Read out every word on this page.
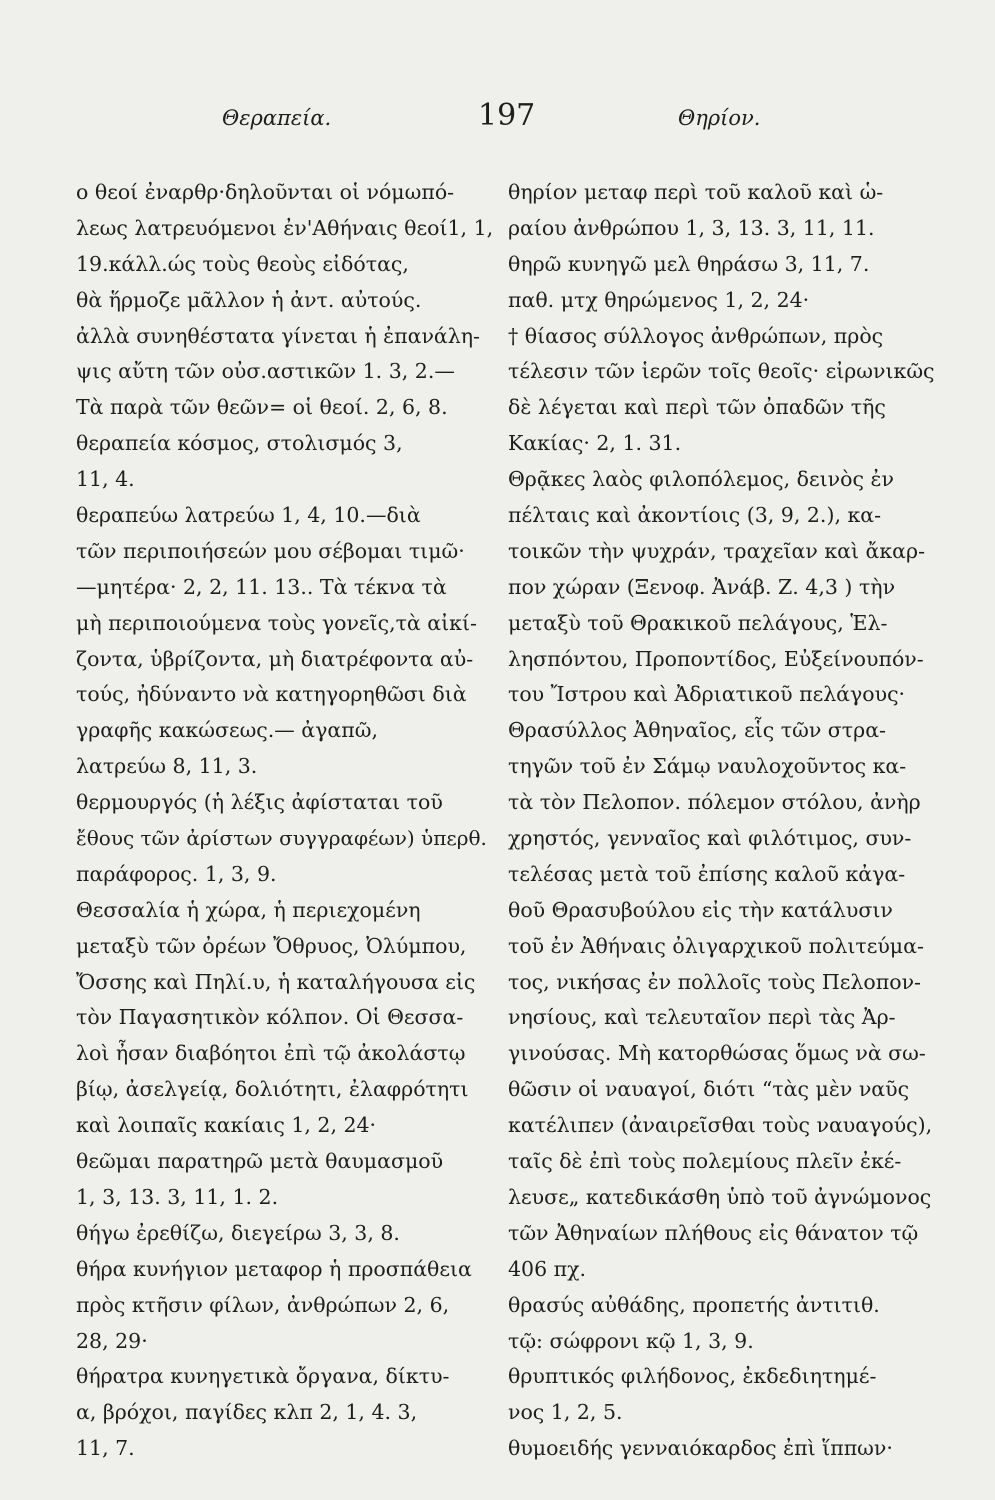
Θεραπεία.	197	Θηρίον.
ο θεοί ἐναρθρ·δηλοῦνται οἱ νόμωπό-
λεως λατρευόμενοι ἐν'Αθήναις θεοί1, 1,
19.κάλλ.ώς τοὺς θεοὺς εἰδότας,
θὰ ἥρμοζε μᾶλλον ἡ ἀντ. αὐτούς.
ἀλλὰ συνηθέστατα γίνεται ἡ ἐπανάλη-
ψις αὔτη τῶν οὐσ.αστικῶν 1. 3, 2.—
Τὰ παρὰ τῶν θεῶν= οἱ θεοί. 2, 6, 8.
θεραπεία κόσμος, στολισμός 3,
11, 4.
θεραπεύω λατρεύω 1, 4, 10.—διὰ
τῶν περιποιήσεών μου σέβομαι τιμῶ·
—μητέρα· 2, 2, 11. 13.. Τὰ τέκνα τὰ
μὴ περιποιούμενα τοὺς γονεῖς,τὰ αἰκί-
ζοντα, ὑβρίζοντα, μὴ διατρέφοντα αὐ-
τούς, ἠδύναντο νὰ κατηγορηθῶσι διὰ
γραφῆς κακώσεως.— ἀγαπῶ,
λατρεύω 8, 11, 3.
θερμουργός (ἡ λέξις ἀφίσταται τοῦ
ἔθους τῶν ἀρίστων συγγραφέων) ὑπερθ.
παράφορος. 1, 3, 9.
Θεσσαλία ἡ χώρα, ἡ περιεχομένη
μεταξὺ τῶν ὀρέων Ὄθρυος, Ὀλύμπου,
Ὄσσης καὶ Πηλί.υ, ἡ καταλήγουσα εἰς
τὸν Παγασητικὸν κόλπον. Οἱ Θεσσα-
λοὶ ἦσαν διαβόητοι ἐπὶ τῷ ἀκολάστῳ
βίῳ, ἀσελγείᾳ, δολιότητι, ἐλαφρότητι
καὶ λοιπαῖς κακίαις 1, 2, 24·
θεῶμαι παρατηρῶ μετὰ θαυμασμοῦ
1, 3, 13. 3, 11, 1. 2.
θήγω ἐρεθίζω, διεγείρω 3, 3, 8.
θήρα κυνήγιον μεταφορ ἡ προσπάθεια
πρὸς κτῆσιν φίλων, ἀνθρώπων 2, 6,
28, 29·
θήρατρα κυνηγετικὰ ὄργανα, δίκτυ-
α, βρόχοι, παγίδες κλπ 2, 1, 4. 3,
11, 7.
θηρίον μεταφ περὶ τοῦ καλοῦ καὶ ὡ-
ραίου ἀνθρώπου 1, 3, 13. 3, 11, 11.
θηρῶ κυνηγῶ μελ θηράσω 3, 11, 7.
παθ. μτχ θηρώμενος 1, 2, 24·
† θίασος σύλλογος ἀνθρώπων, πρὸς
τέλεσιν τῶν ἱερῶν τοῖς θεοῖς· εἰρωνικῶς
δὲ λέγεται καὶ περὶ τῶν ὀπαδῶν τῆς
Κακίας· 2, 1. 31.
Θρᾷκες λαὸς φιλοπόλεμος, δεινὸς ἐν
πέλταις καὶ ἀκοντίοις (3, 9, 2.), κα-
τοικῶν τὴν ψυχράν, τραχεῖαν καὶ ἄκαρ-
πον χώραν (Ξενοφ. Ἀνάβ. Ζ. 4,3 ) τὴν
μεταξὺ τοῦ Θρακικοῦ πελάγους, Ἑλ-
λησπόντου, Προποντίδος, Εὐξείνουπόν-
του Ἴστρου καὶ Ἀδριατικοῦ πελάγους·
Θρασύλλος Ἀθηναῖος, εἷς τῶν στρα-
τηγῶν τοῦ ἐν Σάμῳ ναυλοχοῦντος κα-
τὰ τὸν Πελοπον. πόλεμον στόλου, ἀνὴρ
χρηστός, γενναῖος καὶ φιλότιμος, συν-
τελέσας μετὰ τοῦ ἐπίσης καλοῦ κἀγα-
θοῦ Θρασυβούλου εἰς τὴν κατάλυσιν
τοῦ ἐν Ἀθήναις ὀλιγαρχικοῦ πολιτεύμα-
τος, νικήσας ἐν πολλοῖς τοὺς Πελοπον-
νησίους, καὶ τελευταῖον περὶ τὰς Ἀρ-
γινούσας. Μὴ κατορθώσας ὅμως νὰ σω-
θῶσιν οἱ ναυαγοί, διότι “τὰς μὲν ναῦς
κατέλιπεν (ἀναιρεῖσθαι τοὺς ναυαγούς),
ταῖς δὲ ἐπὶ τοὺς πολεμίους πλεῖν ἐκέ-
λευσε„ κατεδικάσθη ὑπὸ τοῦ ἀγνώμονος
τῶν Ἀθηναίων πλήθους εἰς θάνατον τῷ
406 πχ.
θρασύς αὐθάδης, προπετής ἀντιτιθ.
τῷ: σώφρονι κῷ 1, 3, 9.
θρυπτικός φιλήδονος, ἐκδεδιητημέ-
νος 1, 2, 5.
θυμοειδής γενναιόκαρδος ἐπὶ ἵππων·
